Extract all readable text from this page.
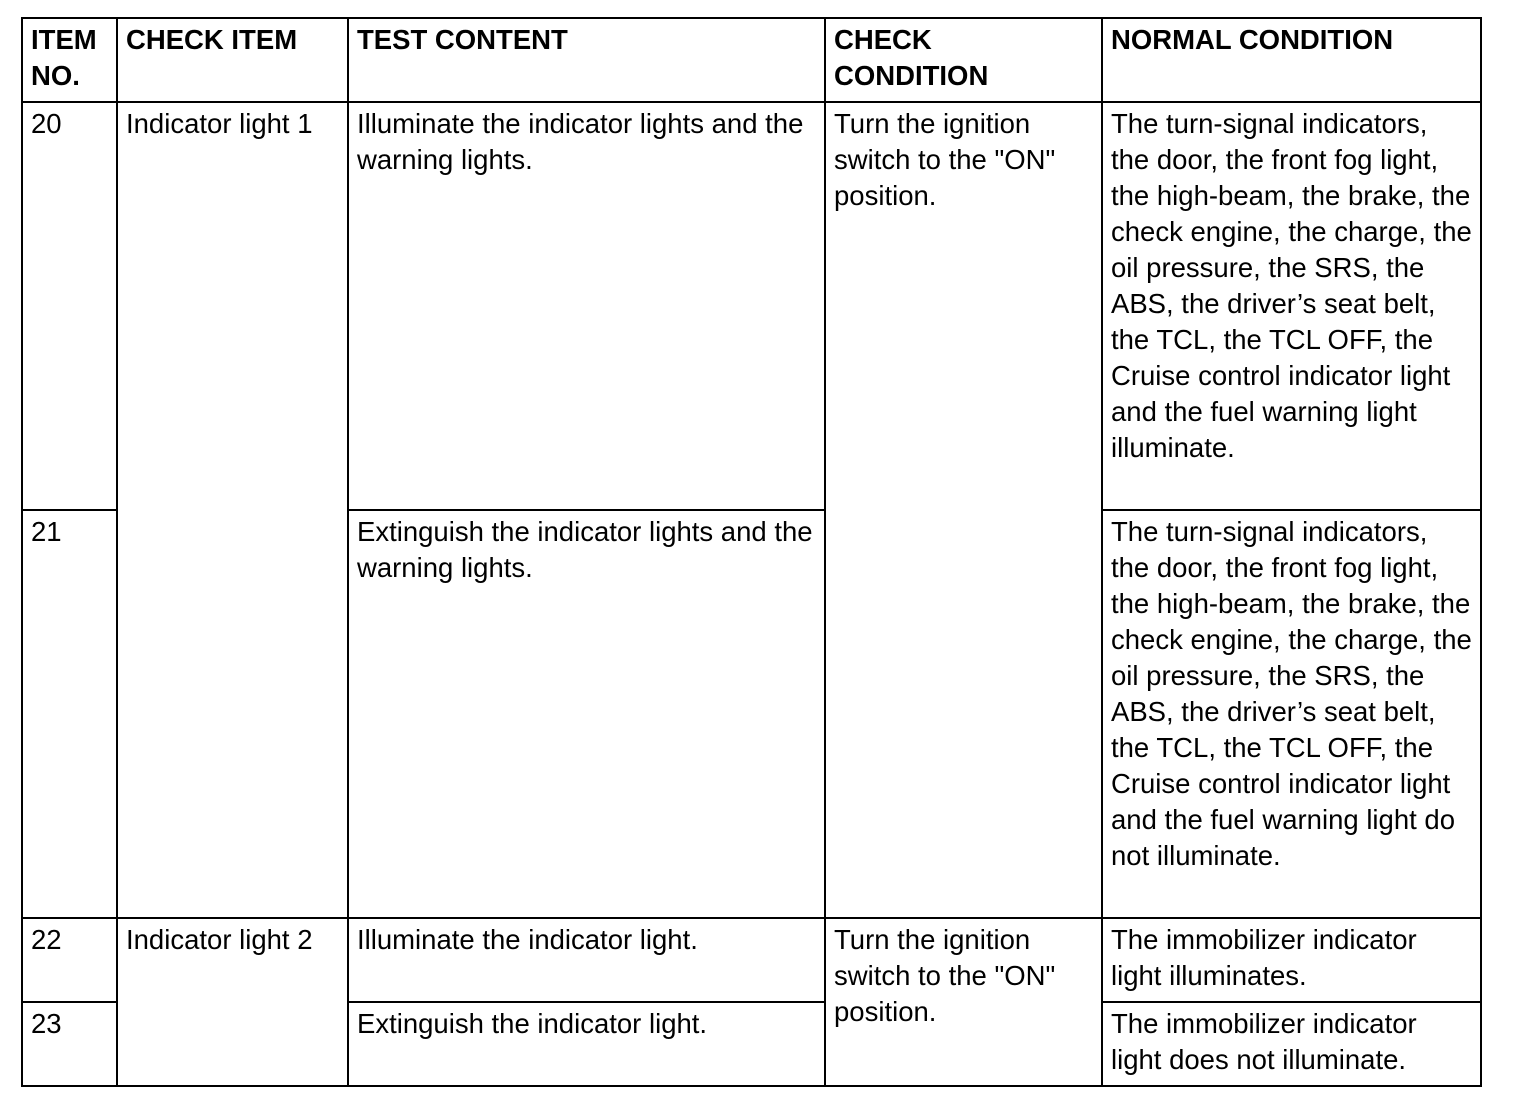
ITEM NO.	CHECK ITEM	TEST CONTENT	CHECK CONDITION	NORMAL CONDITION
20	Indicator light 1	Illuminate the indicator lights and the warning lights.	Turn the ignition switch to the "ON" position.	The turn-signal indicators, the door, the front fog light, the high-beam, the brake, the check engine, the charge, the oil pressure, the SRS, the ABS, the driver’s seat belt, the TCL, the TCL OFF, the Cruise control indicator light and the fuel warning light illuminate.
21		Extinguish the indicator lights and the warning lights.		The turn-signal indicators, the door, the front fog light, the high-beam, the brake, the check engine, the charge, the oil pressure, the SRS, the ABS, the driver’s seat belt, the TCL, the TCL OFF, the Cruise control indicator light and the fuel warning light do not illuminate.
22	Indicator light 2	Illuminate the indicator light.	Turn the ignition switch to the "ON" position.	The immobilizer indicator light illuminates.
23		Extinguish the indicator light.		The immobilizer indicator light does not illuminate.
